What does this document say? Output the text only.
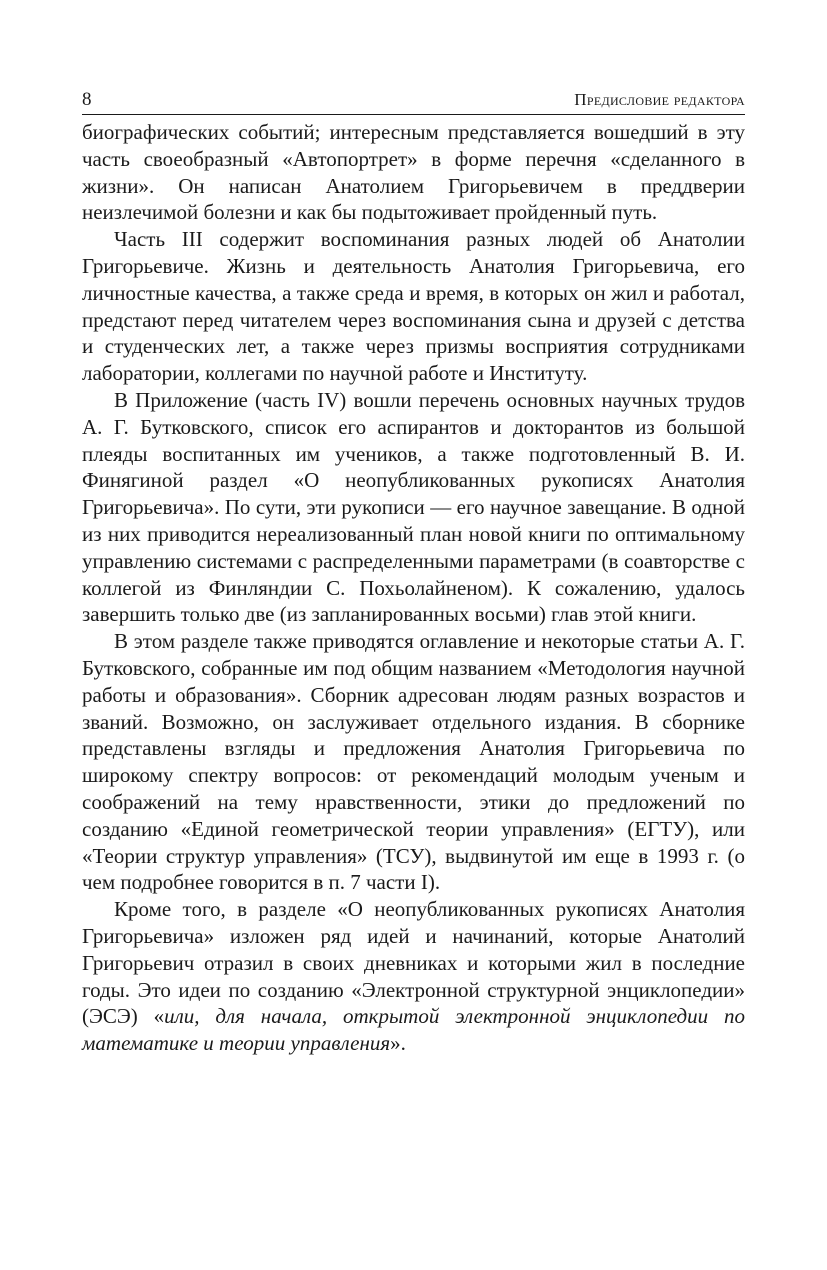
8	Предисловие редактора

биографических событий; интересным представляется вошедший в эту часть своеобразный «Автопортрет» в форме перечня «сделанного в жизни». Он написан Анатолием Григорьевичем в преддверии неизлечимой болезни и как бы подытоживает пройденный путь.

Часть III содержит воспоминания разных людей об Анатолии Григорьевиче. Жизнь и деятельность Анатолия Григорьевича, его личностные качества, а также среда и время, в которых он жил и работал, предстают перед читателем через воспоминания сына и друзей с детства и студенческих лет, а также через призмы восприятия сотрудниками лаборатории, коллегами по научной работе и Институту.

В Приложение (часть IV) вошли перечень основных научных трудов А. Г. Бутковского, список его аспирантов и докторантов из большой плеяды воспитанных им учеников, а также подготовленный В. И. Финягиной раздел «О неопубликованных рукописях Анатолия Григорьевича». По сути, эти рукописи — его научное завещание. В одной из них приводится нереализованный план новой книги по оптимальному управлению системами с распределенными параметрами (в соавторстве с коллегой из Финляндии С. Похьолайненом). К сожалению, удалось завершить только две (из запланированных восьми) глав этой книги.

В этом разделе также приводятся оглавление и некоторые статьи А. Г. Бутковского, собранные им под общим названием «Методология научной работы и образования». Сборник адресован людям разных возрастов и званий. Возможно, он заслуживает отдельного издания. В сборнике представлены взгляды и предложения Анатолия Григорьевича по широкому спектру вопросов: от рекомендаций молодым ученым и соображений на тему нравственности, этики до предложений по созданию «Единой геометрической теории управления» (ЕГТУ), или «Теории структур управления» (ТСУ), выдвинутой им еще в 1993 г. (о чем подробнее говорится в п. 7 части I).

Кроме того, в разделе «О неопубликованных рукописях Анатолия Григорьевича» изложен ряд идей и начинаний, которые Анатолий Григорьевич отразил в своих дневниках и которыми жил в последние годы. Это идеи по созданию «Электронной структурной энциклопедии» (ЭСЭ) «или, для начала, открытой электронной энциклопедии по математике и теории управления».
